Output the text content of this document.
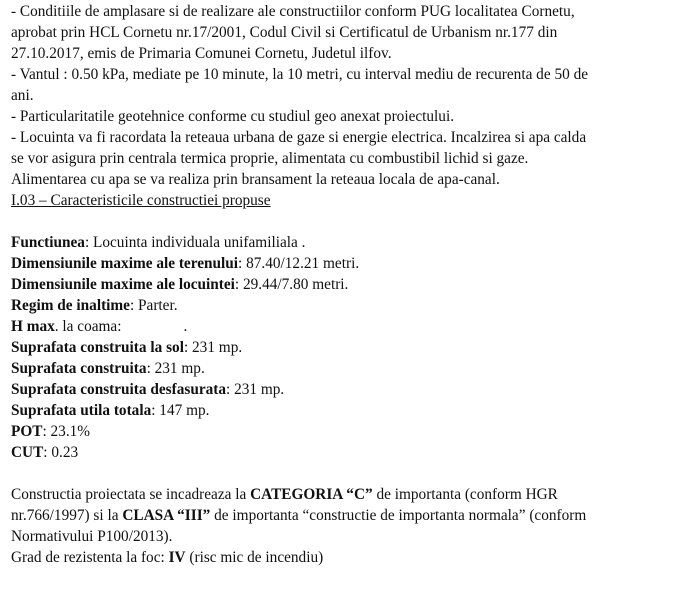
- Conditiile de amplasare si de realizare ale constructiilor conform PUG localitatea Cornetu,

aprobat prin HCL Cornetu nr.17/2001, Codul Civil si Certificatul de Urbanism nr.177 din

27.10.2017, emis de Primaria Comunei Cornetu, Judetul ilfov.

- Vantul : 0.50 kPa, mediate pe 10 minute, la 10 metri, cu interval mediu de recurenta de 50 de

ani.

- Particularitatile geotehnice conforme cu studiul geo anexat proiectului.

- Locuinta va fi racordata la reteaua urbana de gaze si energie electrica. Incalzirea si apa calda

se vor asigura prin centrala termica proprie, alimentata cu combustibil lichid si gaze.

Alimentarea cu apa se va realiza prin bransament la reteaua locala de apa-canal.

I.03 – Caracteristicile constructiei propuse

Functiunea: Locuinta individuala unifamiliala .

Dimensiunile maxime ale terenului: 87.40/12.21 metri.

Dimensiunile maxime ale locuintei: 29.44/7.80 metri.

Regim de inaltime: Parter.

H max. la coama:	.

Suprafata construita la sol: 231 mp.

Suprafata construita: 231 mp.

Suprafata construita desfasurata: 231 mp.

Suprafata utila totala: 147 mp.

POT: 23.1%

CUT: 0.23

Constructia proiectata se incadreaza la CATEGORIA “C” de importanta (conform HGR

nr.766/1997) si la CLASA “III” de importanta “constructie de importanta normala” (conform

Normativului P100/2013).

Grad de rezistenta la foc: IV (risc mic de incendiu)
